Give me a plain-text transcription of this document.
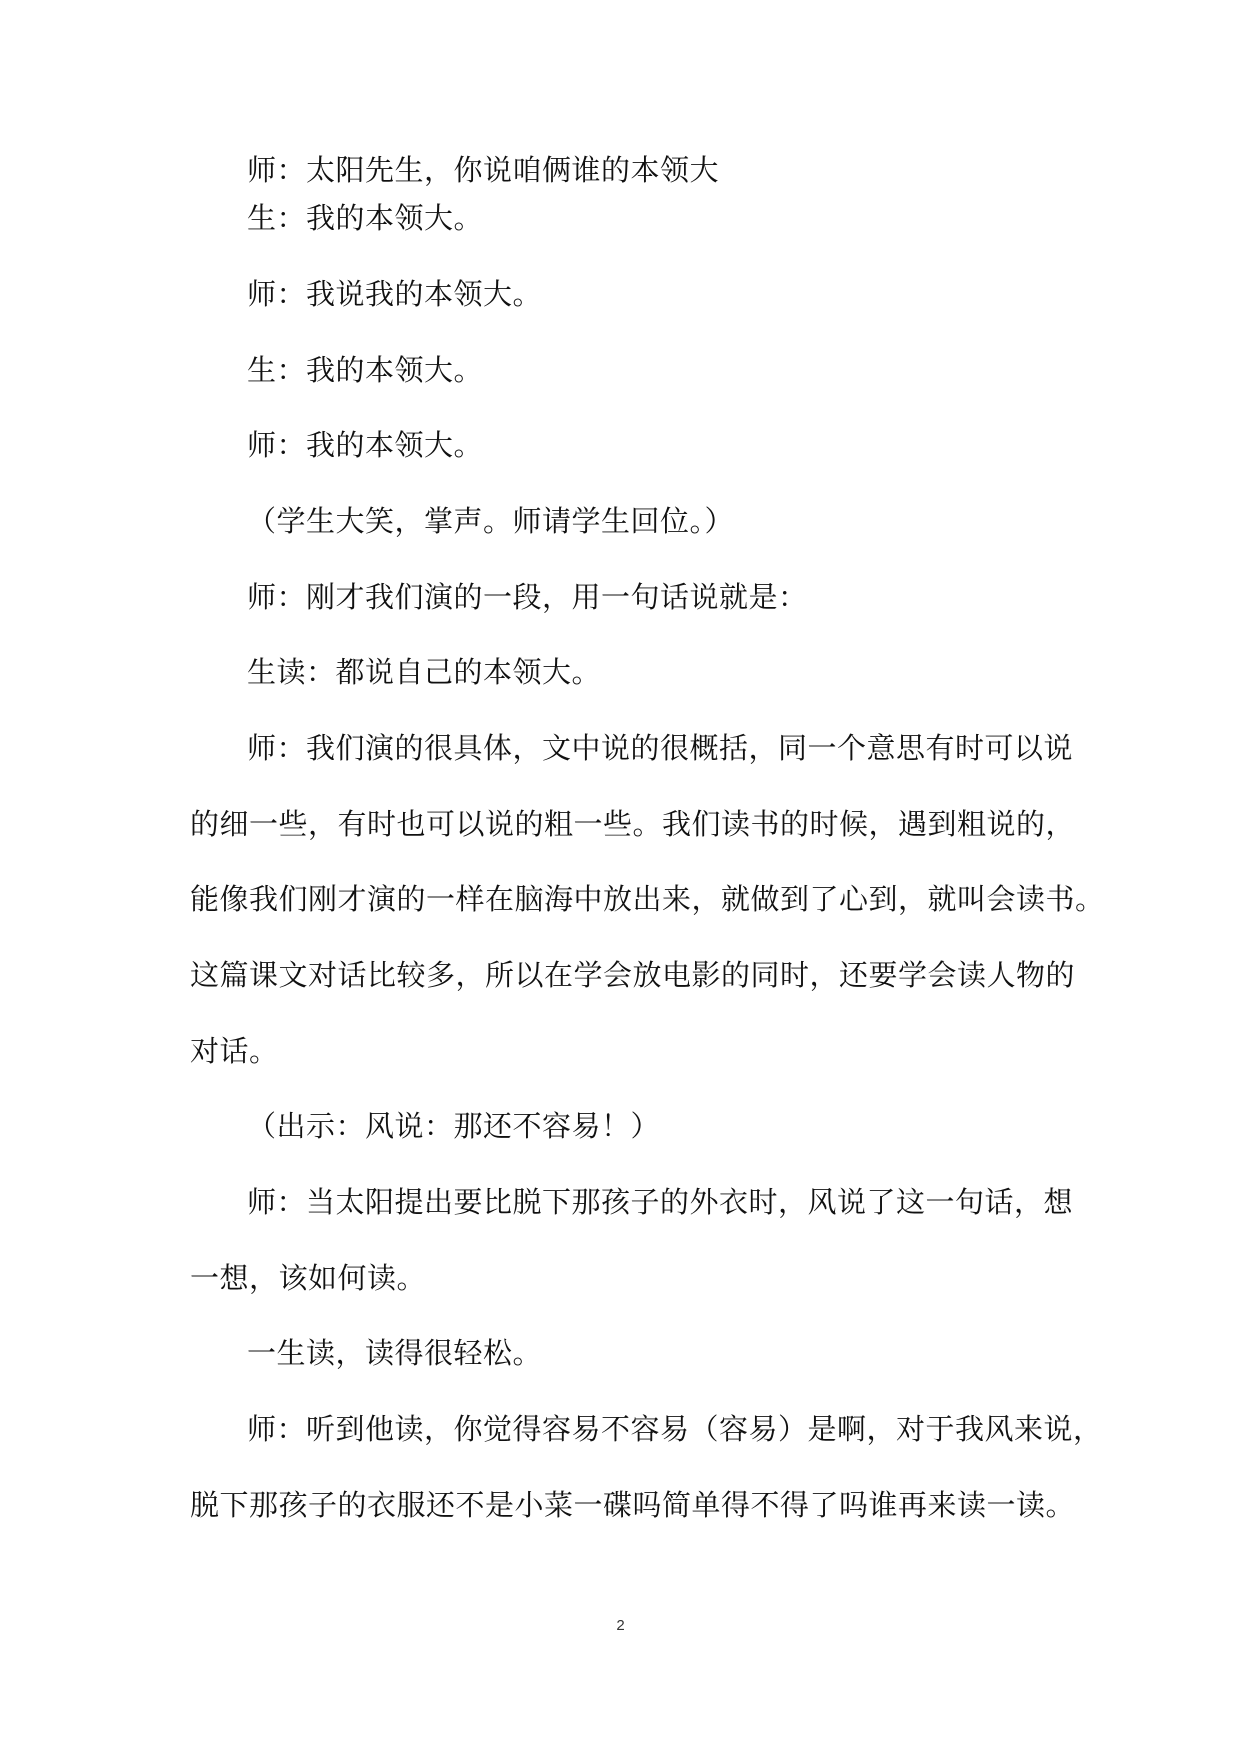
师：太阳先生，你说咱俩谁的本领大
生：我的本领大。
师：我说我的本领大。
生：我的本领大。
师：我的本领大。
（学生大笑，掌声。师请学生回位。）
师：刚才我们演的一段，用一句话说就是：
生读：都说自己的本领大。
师：我们演的很具体，文中说的很概括，同一个意思有时可以说
的细一些，有时也可以说的粗一些。我们读书的时候，遇到粗说的，
能像我们刚才演的一样在脑海中放出来，就做到了心到，就叫会读书。
这篇课文对话比较多，所以在学会放电影的同时，还要学会读人物的
对话。
（出示：风说：那还不容易！）
师：当太阳提出要比脱下那孩子的外衣时，风说了这一句话，想
一想，该如何读。
一生读，读得很轻松。
师：听到他读，你觉得容易不容易（容易）是啊，对于我风来说，
脱下那孩子的衣服还不是小菜一碟吗简单得不得了吗谁再来读一读。
2
